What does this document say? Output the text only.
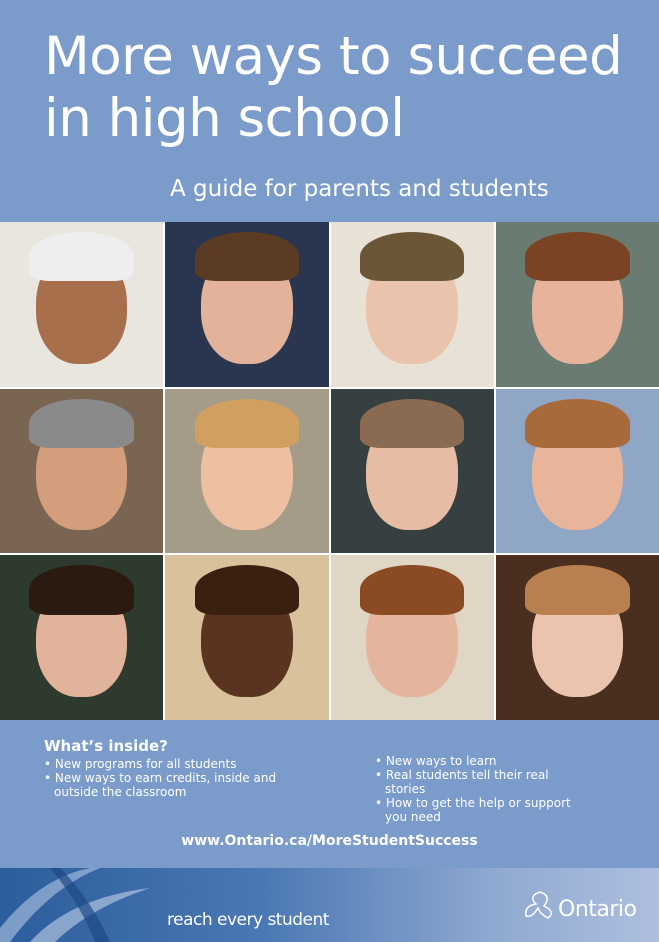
More ways to succeed
in high school
A guide for parents and students
What’s inside?
• New programs for all students
• New ways to earn credits, inside and outside the classroom
• New ways to learn
• Real students tell their real stories
• How to get the help or support you need
www.Ontario.ca/MoreStudentSuccess
reach every student	Ontario
